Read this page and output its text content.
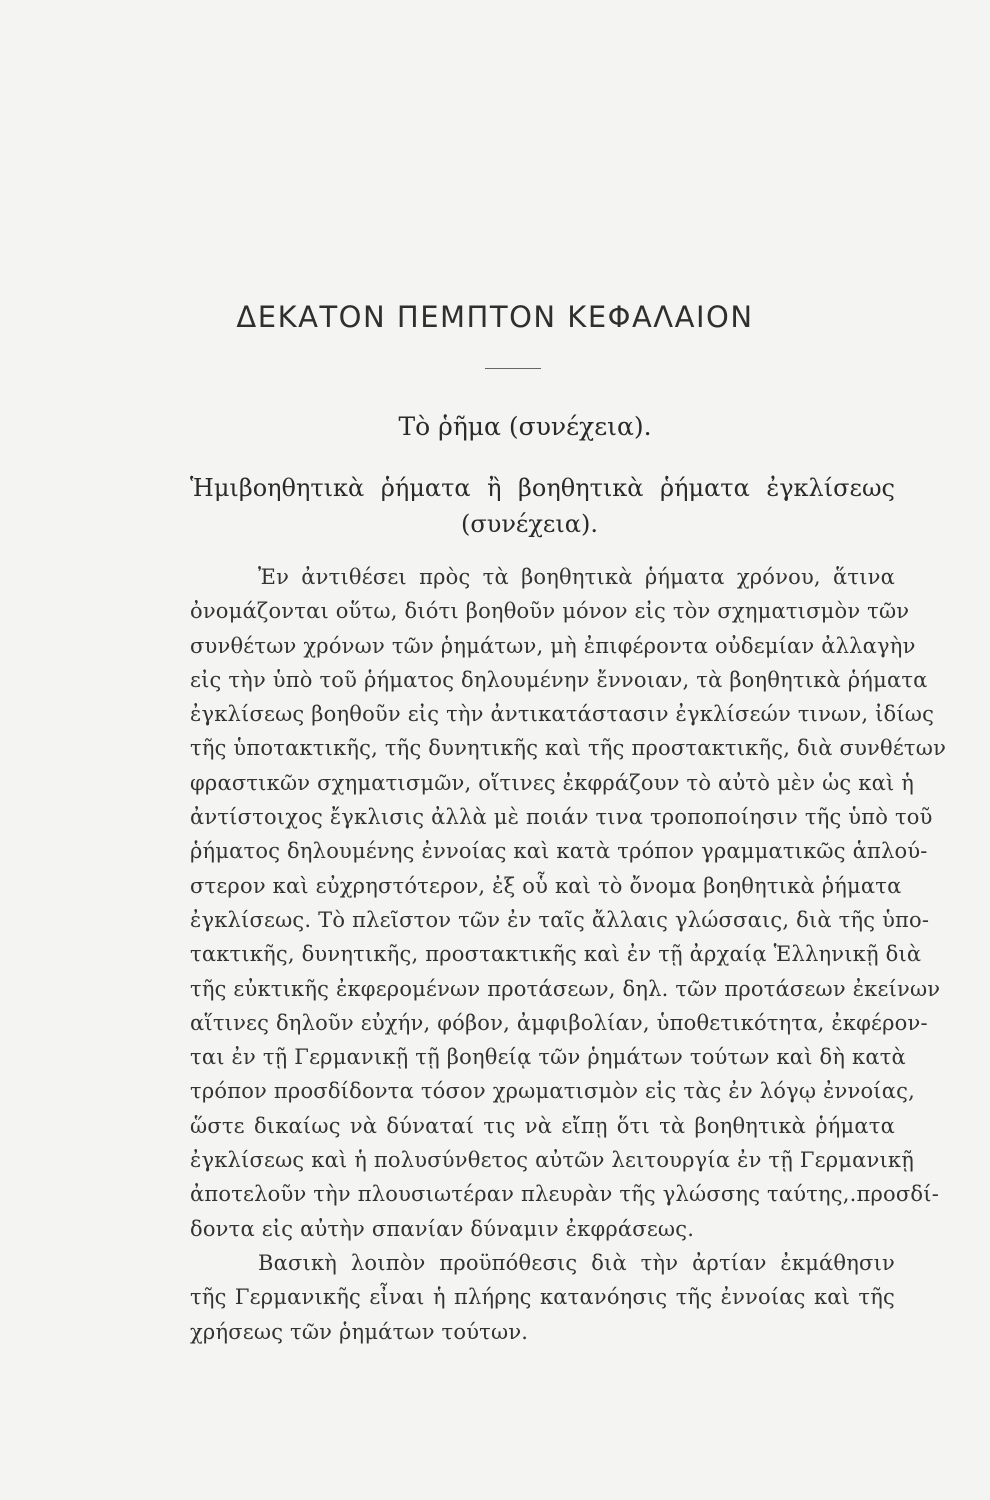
ΔΕΚΑΤΟΝ ΠΕΜΠΤΟΝ ΚΕΦΑΛΑΙΟΝ
Τὸ ῥῆμα (συνέχεια).
Ἡμιβοηθητικὰ ῥήματα ἢ βοηθητικὰ ῥήματα ἐγκλίσεως
(συνέχεια).

Ἐν ἀντιθέσει πρὸς τὰ βοηθητικὰ ῥήματα χρόνου, ἅτινα
ὀνομάζονται οὕτω, διότι βοηθοῦν μόνον εἰς τὸν σχηματισμὸν τῶν
συνθέτων χρόνων τῶν ῥημάτων, μὴ ἐπιφέροντα οὐδεμίαν ἀλλαγὴν
εἰς τὴν ὑπὸ τοῦ ῥήματος δηλουμένην ἔννοιαν, τὰ βοηθητικὰ ῥήματα
ἐγκλίσεως βοηθοῦν εἰς τὴν ἀντικατάστασιν ἐγκλίσεών τινων, ἰδίως
τῆς ὑποτακτικῆς, τῆς δυνητικῆς καὶ τῆς προστακτικῆς, διὰ συνθέτων
φραστικῶν σχηματισμῶν, οἵτινες ἐκφράζουν τὸ αὐτὸ μὲν ὡς καὶ ἡ
ἀντίστοιχος ἔγκλισις ἀλλὰ μὲ ποιάν τινα τροποποίησιν τῆς ὑπὸ τοῦ
ῥήματος δηλουμένης ἐννοίας καὶ κατὰ τρόπον γραμματικῶς ἁπλού-
στερον καὶ εὐχρηστότερον, ἐξ οὗ καὶ τὸ ὄνομα βοηθητικὰ ῥήματα
ἐγκλίσεως. Τὸ πλεῖστον τῶν ἐν ταῖς ἄλλαις γλώσσαις, διὰ τῆς ὑπο-
τακτικῆς, δυνητικῆς, προστακτικῆς καὶ ἐν τῇ ἀρχαίᾳ Ἑλληνικῇ διὰ
τῆς εὐκτικῆς ἐκφερομένων προτάσεων, δηλ. τῶν προτάσεων ἐκείνων
αἵτινες δηλοῦν εὐχήν, φόβον, ἀμφιβολίαν, ὑποθετικότητα, ἐκφέρον-
ται ἐν τῇ Γερμανικῇ τῇ βοηθείᾳ τῶν ῥημάτων τούτων καὶ δὴ κατὰ
τρόπον προσδίδοντα τόσον χρωματισμὸν εἰς τὰς ἐν λόγῳ ἐννοίας,
ὥστε δικαίως νὰ δύναταί τις νὰ εἴπῃ ὅτι τὰ βοηθητικὰ ῥήματα
ἐγκλίσεως καὶ ἡ πολυσύνθετος αὐτῶν λειτουργία ἐν τῇ Γερμανικῇ
ἀποτελοῦν τὴν πλουσιωτέραν πλευρὰν τῆς γλώσσης ταύτης,.προσδί-
δοντα εἰς αὐτὴν σπανίαν δύναμιν ἐκφράσεως.

Βασικὴ λοιπὸν προϋπόθεσις διὰ τὴν ἀρτίαν ἐκμάθησιν
τῆς Γερμανικῆς εἶναι ἡ πλήρης κατανόησις τῆς ἐννοίας καὶ τῆς
χρήσεως τῶν ῥημάτων τούτων.
